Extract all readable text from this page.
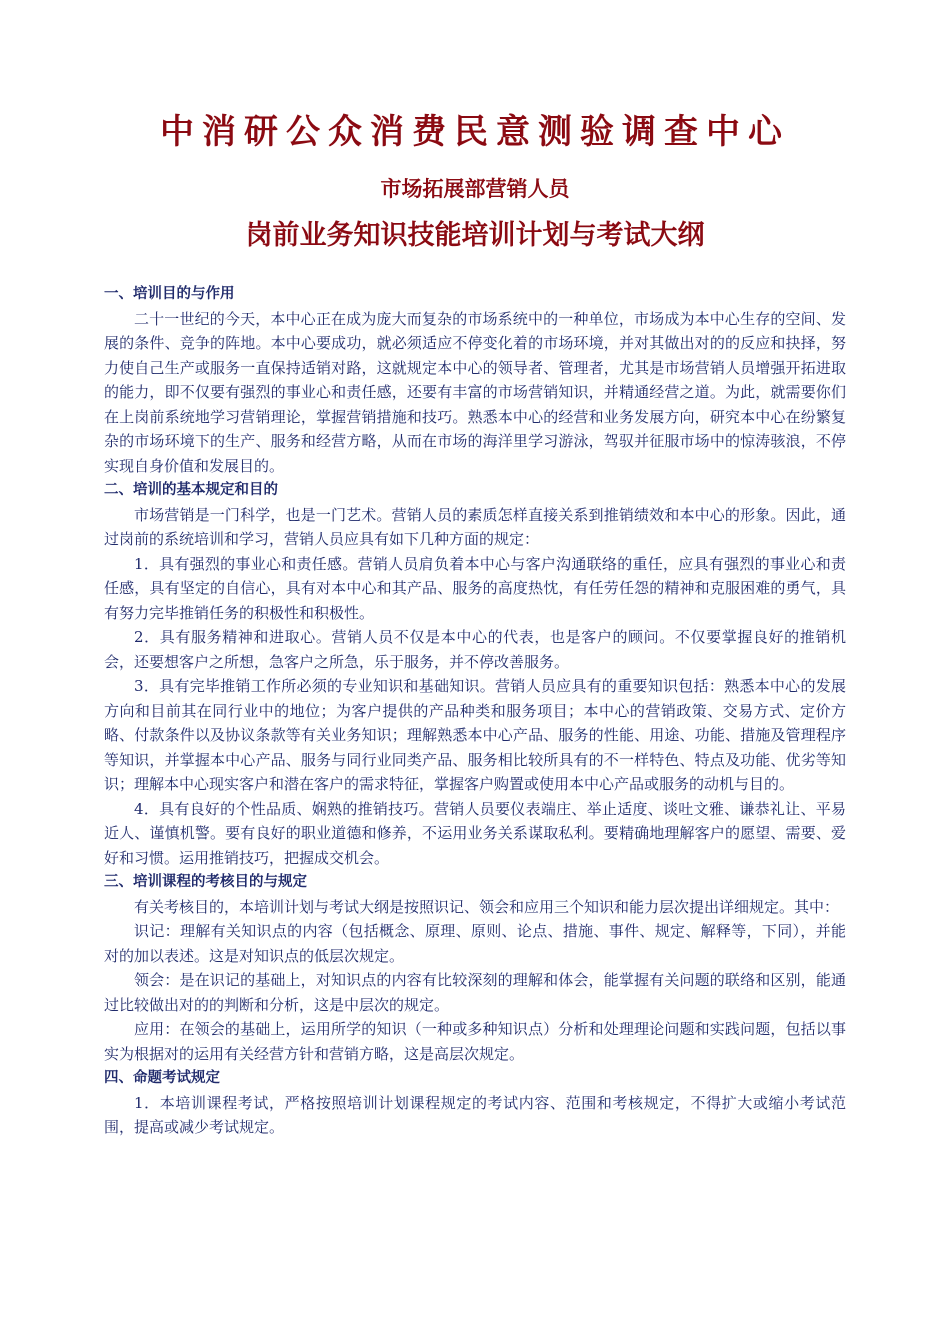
中消研公众消费民意测验调查中心
市场拓展部营销人员
岗前业务知识技能培训计划与考试大纲

一、培训目的与作用

二十一世纪的今天，本中心正在成为庞大而复杂的市场系统中的一种单位，市场成为本中心生存的空间、发展的条件、竞争的阵地。本中心要成功，就必须适应不停变化着的市场环境，并对其做出对的的反应和抉择，努力使自己生产或服务一直保持适销对路，这就规定本中心的领导者、管理者，尤其是市场营销人员增强开拓进取的能力，即不仅要有强烈的事业心和责任感，还要有丰富的市场营销知识，并精通经营之道。为此，就需要你们在上岗前系统地学习营销理论，掌握营销措施和技巧。熟悉本中心的经营和业务发展方向，研究本中心在纷繁复杂的市场环境下的生产、服务和经营方略，从而在市场的海洋里学习游泳，驾驭并征服市场中的惊涛骇浪，不停实现自身价值和发展目的。

二、培训的基本规定和目的

市场营销是一门科学，也是一门艺术。营销人员的素质怎样直接关系到推销绩效和本中心的形象。因此，通过岗前的系统培训和学习，营销人员应具有如下几种方面的规定：

1．具有强烈的事业心和责任感。营销人员肩负着本中心与客户沟通联络的重任，应具有强烈的事业心和责任感，具有坚定的自信心，具有对本中心和其产品、服务的高度热忱，有任劳任怨的精神和克服困难的勇气，具有努力完毕推销任务的积极性和积极性。

2．具有服务精神和进取心。营销人员不仅是本中心的代表，也是客户的顾问。不仅要掌握良好的推销机会，还要想客户之所想，急客户之所急，乐于服务，并不停改善服务。

3．具有完毕推销工作所必须的专业知识和基础知识。营销人员应具有的重要知识包括：熟悉本中心的发展方向和目前其在同行业中的地位；为客户提供的产品种类和服务项目；本中心的营销政策、交易方式、定价方略、付款条件以及协议条款等有关业务知识；理解熟悉本中心产品、服务的性能、用途、功能、措施及管理程序等知识，并掌握本中心产品、服务与同行业同类产品、服务相比较所具有的不一样特色、特点及功能、优劣等知识；理解本中心现实客户和潜在客户的需求特征，掌握客户购置或使用本中心产品或服务的动机与目的。

4．具有良好的个性品质、娴熟的推销技巧。营销人员要仪表端庄、举止适度、谈吐文雅、谦恭礼让、平易近人、谨慎机警。要有良好的职业道德和修养，不运用业务关系谋取私利。要精确地理解客户的愿望、需要、爱好和习惯。运用推销技巧，把握成交机会。

三、培训课程的考核目的与规定

有关考核目的，本培训计划与考试大纲是按照识记、领会和应用三个知识和能力层次提出详细规定。其中：

识记：理解有关知识点的内容（包括概念、原理、原则、论点、措施、事件、规定、解释等，下同），并能对的加以表述。这是对知识点的低层次规定。

领会：是在识记的基础上，对知识点的内容有比较深刻的理解和体会，能掌握有关问题的联络和区别，能通过比较做出对的的判断和分析，这是中层次的规定。

应用：在领会的基础上，运用所学的知识（一种或多种知识点）分析和处理理论问题和实践问题，包括以事实为根据对的运用有关经营方针和营销方略，这是高层次规定。

四、命题考试规定

1．本培训课程考试，严格按照培训计划课程规定的考试内容、范围和考核规定，不得扩大或缩小考试范围，提高或减少考试规定。
